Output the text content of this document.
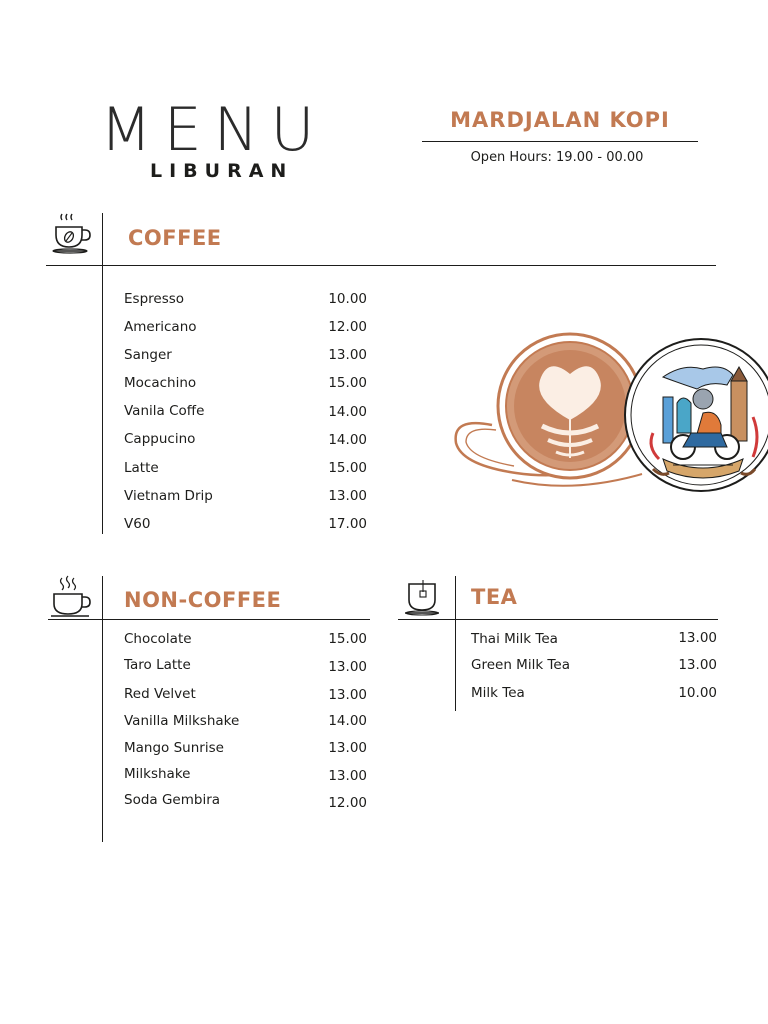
MENU
LIBURAN
MARDJALAN KOPI
Open Hours: 19.00 - 00.00
COFFEE
Espresso	10.00
Americano	12.00
Sanger	13.00
Mocachino	15.00
Vanila Coffe	14.00
Cappucino	14.00
Latte	15.00
Vietnam Drip	13.00
V60	17.00
NON-COFFEE
Chocolate	15.00
Taro Latte	13.00
Red Velvet	13.00
Vanilla Milkshake	14.00
Mango Sunrise	13.00
Milkshake	13.00
Soda Gembira	12.00
TEA
Thai Milk Tea	13.00
Green Milk Tea	13.00
Milk Tea	10.00
